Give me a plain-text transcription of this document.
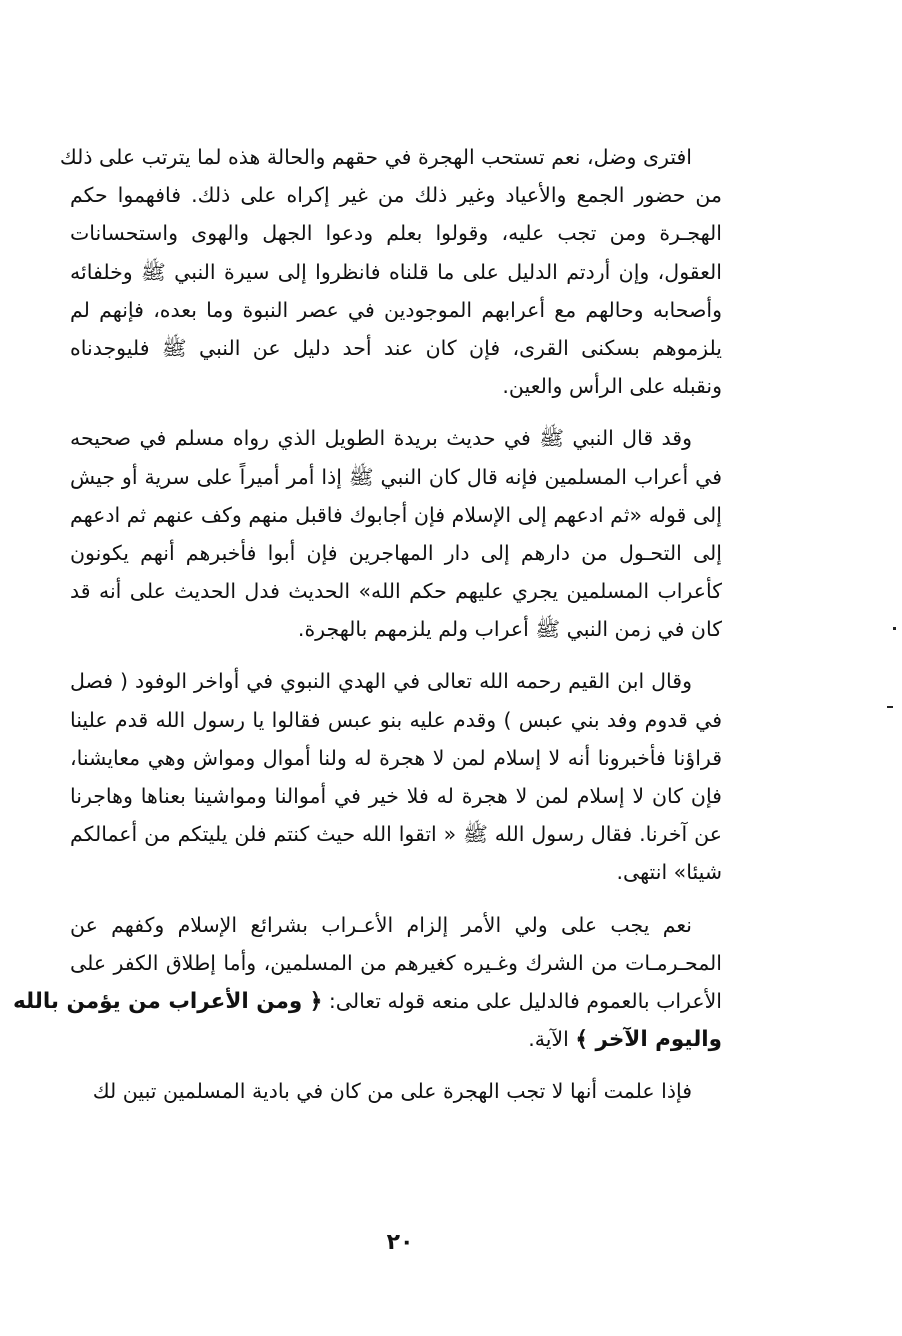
افترى وضل، نعم تستحب الهجرة في حقهم والحالة هذه لما يترتب على ذلك
من حضور الجمع والأعياد وغير ذلك من غير إكراه على ذلك. فافهموا حكم
الهجـرة ومن تجب عليه، وقولوا بعلم ودعوا الجهل والهوى واستحسانات
العقول، وإن أردتم الدليل على ما قلناه فانظروا إلى سيرة النبي ﷺ وخلفائه
وأصحابه وحالهم مع أعرابهم الموجودين في عصر النبوة وما بعده، فإنهم لم
يلزموهم بسكنى القرى، فإن كان عند أحد دليل عن النبي ﷺ فليوجدناه
ونقبله على الرأس والعين.
وقد قال النبي ﷺ في حديث بريدة الطويل الذي رواه مسلم في صحيحه
في أعراب المسلمين فإنه قال كان النبي ﷺ إذا أمر أميراً على سرية أو جيش
إلى قوله «ثم ادعهم إلى الإسلام فإن أجابوك فاقبل منهم وكف عنهم ثم ادعهم
إلى التحـول من دارهم إلى دار المهاجرين فإن أبوا فأخبرهم أنهم يكونون
كأعراب المسلمين يجري عليهم حكم الله» الحديث فدل الحديث على أنه قد
كان في زمن النبي ﷺ أعراب ولم يلزمهم بالهجرة.
وقال ابن القيم رحمه الله تعالى في الهدي النبوي في أواخر الوفود ( فصل
في قدوم وفد بني عبس ) وقدم عليه بنو عبس فقالوا يا رسول الله قدم علينا
قراؤنا فأخبرونا أنه لا إسلام لمن لا هجرة له ولنا أموال ومواش وهي معايشنا،
فإن كان لا إسلام لمن لا هجرة له فلا خير في أموالنا ومواشينا بعناها وهاجرنا
عن آخرنا. فقال رسول الله ﷺ « اتقوا الله حيث كنتم فلن يليتكم من أعمالكم
شيئا» انتهى.
نعم يجب على ولي الأمر إلزام الأعـراب بشرائع الإسلام وكفهم عن
المحـرمـات من الشرك وغـيره كغيرهم من المسلمين، وأما إطلاق الكفر على
الأعراب بالعموم فالدليل على منعه قوله تعالى: ﴿ ومن الأعراب من يؤمن بالله
واليوم الآخر ﴾ الآية.
فإذا علمت أنها لا تجب الهجرة على من كان في بادية المسلمين تبين لك
٢٠
